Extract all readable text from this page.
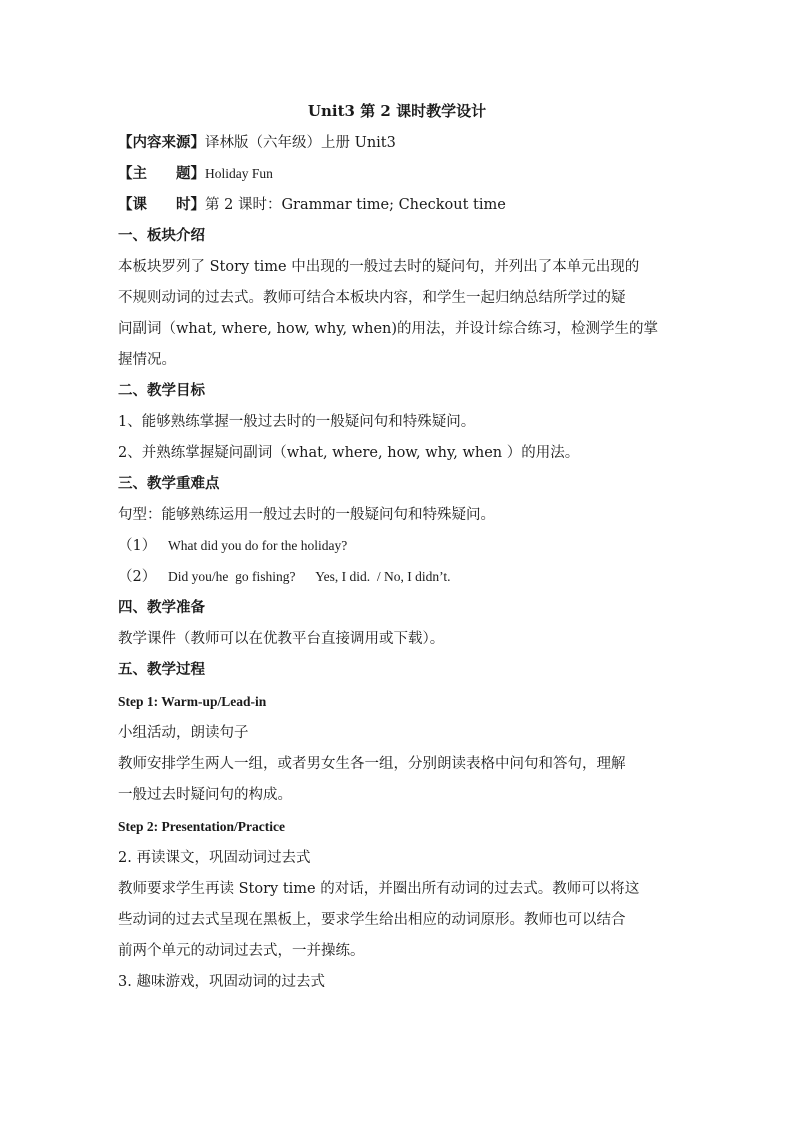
Unit3 第 2 课时教学设计
【内容来源】译林版（六年级）上册 Unit3
【主　　题】Holiday Fun
【课　　时】第 2 课时：Grammar time; Checkout time
一、板块介绍
本板块罗列了 Story time 中出现的一般过去时的疑问句，并列出了本单元出现的
不规则动词的过去式。教师可结合本板块内容，和学生一起归纳总结所学过的疑
问副词（what, where, how, why, when)的用法，并设计综合练习，检测学生的掌
握情况。
二、教学目标
1、能够熟练掌握一般过去时的一般疑问句和特殊疑问。
2、并熟练掌握疑问副词（what, where, how, why, when ）的用法。
三、教学重难点
句型：能够熟练运用一般过去时的一般疑问句和特殊疑问。
（1） What did you do for the holiday?
（2） Did you/he  go fishing?      Yes, I did.  / No, I didn’t.
四、教学准备
教学课件（教师可以在优教平台直接调用或下载）。
五、教学过程
Step 1: Warm-up/Lead-in
小组活动，朗读句子
教师安排学生两人一组，或者男女生各一组，分别朗读表格中问句和答句，理解
一般过去时疑问句的构成。
Step 2: Presentation/Practice
2. 再读课文，巩固动词过去式
教师要求学生再读 Story time 的对话，并圈出所有动词的过去式。教师可以将这
些动词的过去式呈现在黑板上，要求学生给出相应的动词原形。教师也可以结合
前两个单元的动词过去式，一并操练。
3. 趣味游戏，巩固动词的过去式
